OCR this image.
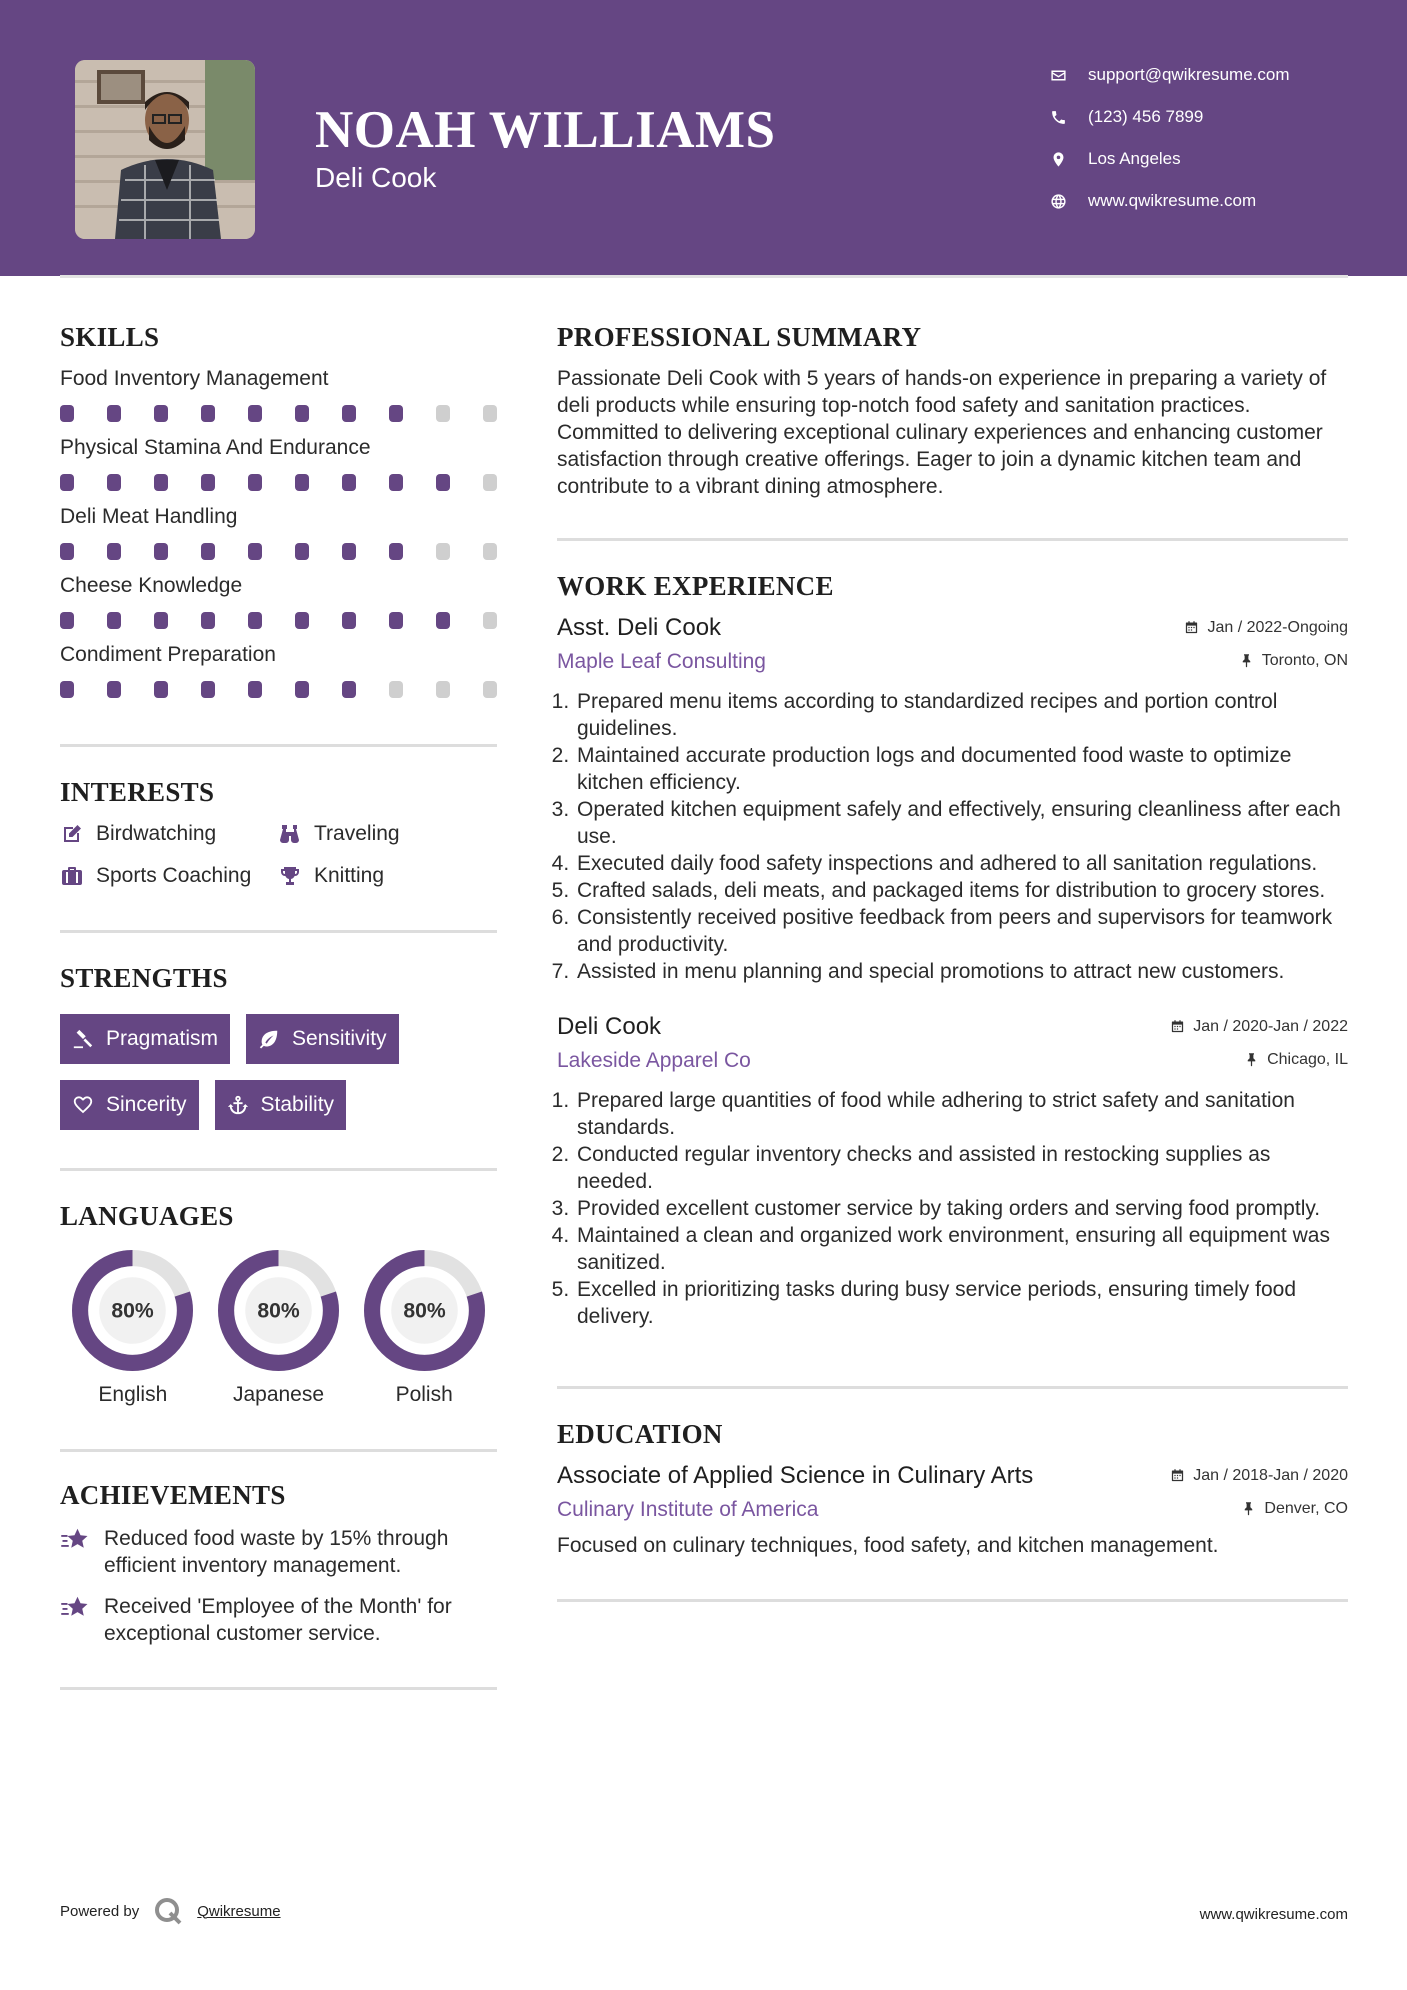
NOAH WILLIAMS
Deli Cook
support@qwikresume.com
(123) 456 7899
Los Angeles
www.qwikresume.com
SKILLS
Food Inventory Management
Physical Stamina And Endurance
Deli Meat Handling
Cheese Knowledge
Condiment Preparation
INTERESTS
Birdwatching	Traveling
Sports Coaching	Knitting
STRENGTHS
Pragmatism	Sensitivity
Sincerity	Stability
LANGUAGES
80%
English
80%
Japanese
80%
Polish
ACHIEVEMENTS
Reduced food waste by 15% through efficient inventory management.
Received 'Employee of the Month' for exceptional customer service.
PROFESSIONAL SUMMARY
Passionate Deli Cook with 5 years of hands-on experience in preparing a variety of deli products while ensuring top-notch food safety and sanitation practices. Committed to delivering exceptional culinary experiences and enhancing customer satisfaction through creative offerings. Eager to join a dynamic kitchen team and contribute to a vibrant dining atmosphere.
WORK EXPERIENCE
Asst. Deli Cook	Jan / 2022-Ongoing
Maple Leaf Consulting	Toronto, ON
1. Prepared menu items according to standardized recipes and portion control guidelines.
2. Maintained accurate production logs and documented food waste to optimize kitchen efficiency.
3. Operated kitchen equipment safely and effectively, ensuring cleanliness after each use.
4. Executed daily food safety inspections and adhered to all sanitation regulations.
5. Crafted salads, deli meats, and packaged items for distribution to grocery stores.
6. Consistently received positive feedback from peers and supervisors for teamwork and productivity.
7. Assisted in menu planning and special promotions to attract new customers.
Deli Cook	Jan / 2020-Jan / 2022
Lakeside Apparel Co	Chicago, IL
1. Prepared large quantities of food while adhering to strict safety and sanitation standards.
2. Conducted regular inventory checks and assisted in restocking supplies as needed.
3. Provided excellent customer service by taking orders and serving food promptly.
4. Maintained a clean and organized work environment, ensuring all equipment was sanitized.
5. Excelled in prioritizing tasks during busy service periods, ensuring timely food delivery.
EDUCATION
Associate of Applied Science in Culinary Arts	Jan / 2018-Jan / 2020
Culinary Institute of America	Denver, CO
Focused on culinary techniques, food safety, and kitchen management.
Powered by	Qwikresume	www.qwikresume.com
